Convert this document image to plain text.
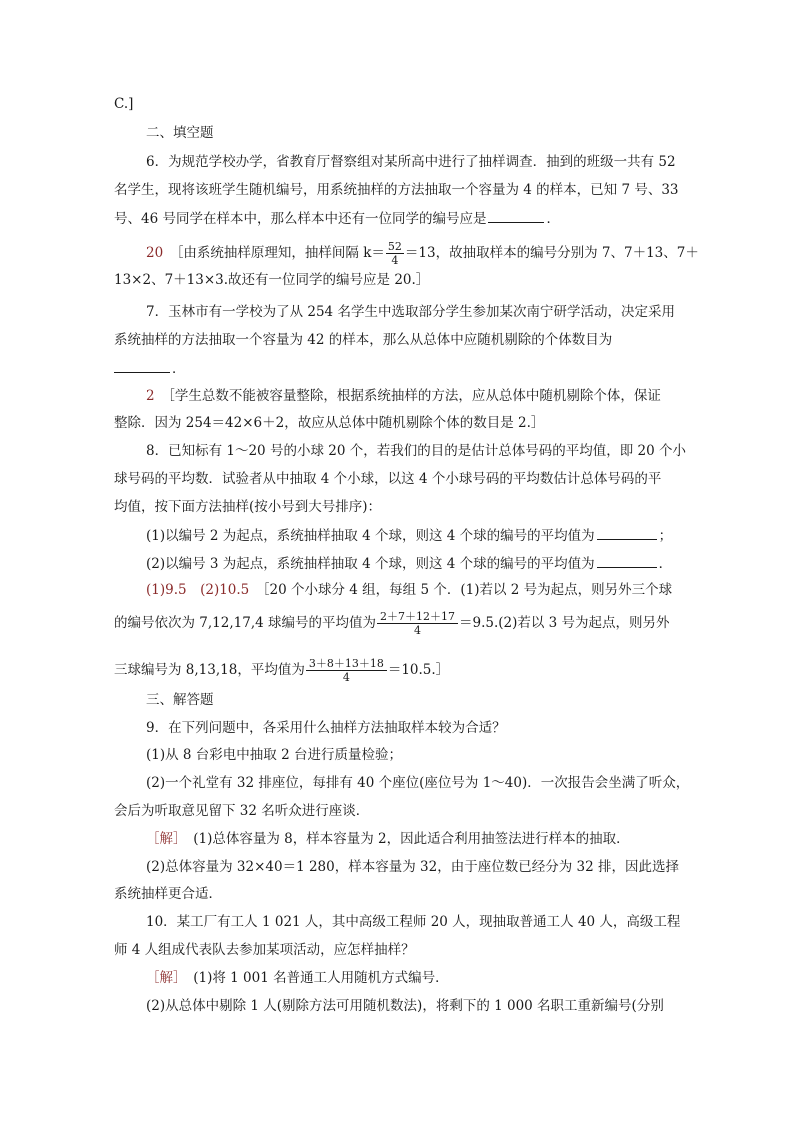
C.]
二、填空题
6．为规范学校办学，省教育厅督察组对某所高中进行了抽样调查．抽到的班级一共有 52
名学生，现将该班学生随机编号，用系统抽样的方法抽取一个容量为 4 的样本，已知 7 号、33
号、46 号同学在样本中，那么样本中还有一位同学的编号应是	．
20　 ［由系统抽样原理知，抽样间隔 $k= \frac{52}{4} =13$，故抽取样本的编号分别为 7、7＋13、7＋
13×2、7＋13×3.故还有一位同学的编号应是 20.］
7．玉林市有一学校为了从 254 名学生中选取部分学生参加某次南宁研学活动，决定采用
系统抽样的方法抽取一个容量为 42 的样本，那么从总体中应随机剔除的个体数目为
．
2　 ［学生总数不能被容量整除，根据系统抽样的方法，应从总体中随机剔除个体，保证
整除．因为 254＝42×6＋2，故应从总体中随机剔除个体的数目是 2.］
8．已知标有 1～20 号的小球 20 个，若我们的目的是估计总体号码的平均值，即 20 个小
球号码的平均数．试验者从中抽取 4 个小球，以这 4 个小球号码的平均数估计总体号码的平
均值，按下面方法抽样(按小号到大号排序)：
(1)以编号 2 为起点，系统抽样抽取 4 个球，则这 4 个球的编号的平均值为	；
(2)以编号 3 为起点，系统抽样抽取 4 个球，则这 4 个球的编号的平均值为	．
(1)9.5　(2)10.5　 ［20 个小球分 4 组，每组 5 个．(1)若以 2 号为起点，则另外三个球
的编号依次为 7,12,17,4 球编号的平均值为 $\frac{2+7+12+17}{4} =9.5.(2)$若以 3 号为起点，则另外
三球编号为 8,13,18，平均值为 $\frac{3+8+13+18}{4}$ ＝10.5.］
三、解答题
9．在下列问题中，各采用什么抽样方法抽取样本较为合适？
(1)从 8 台彩电中抽取 2 台进行质量检验；
(2)一个礼堂有 32 排座位，每排有 40 个座位(座位号为 1～40)．一次报告会坐满了听众，
会后为听取意见留下 32 名听众进行座谈．
［解］　 (1)总体容量为 8，样本容量为 2，因此适合利用抽签法进行样本的抽取．
(2)总体容量为 32×40＝1 280，样本容量为 32，由于座位数已经分为 32 排，因此选择
系统抽样更合适．
10．某工厂有工人 1 021 人，其中高级工程师 20 人，现抽取普通工人 40 人，高级工程
师 4 人组成代表队去参加某项活动，应怎样抽样？
［解］　 (1)将 1 001 名普通工人用随机方式编号．
(2)从总体中剔除 1 人(剔除方法可用随机数法)，将剩下的 1 000 名职工重新编号(分别
